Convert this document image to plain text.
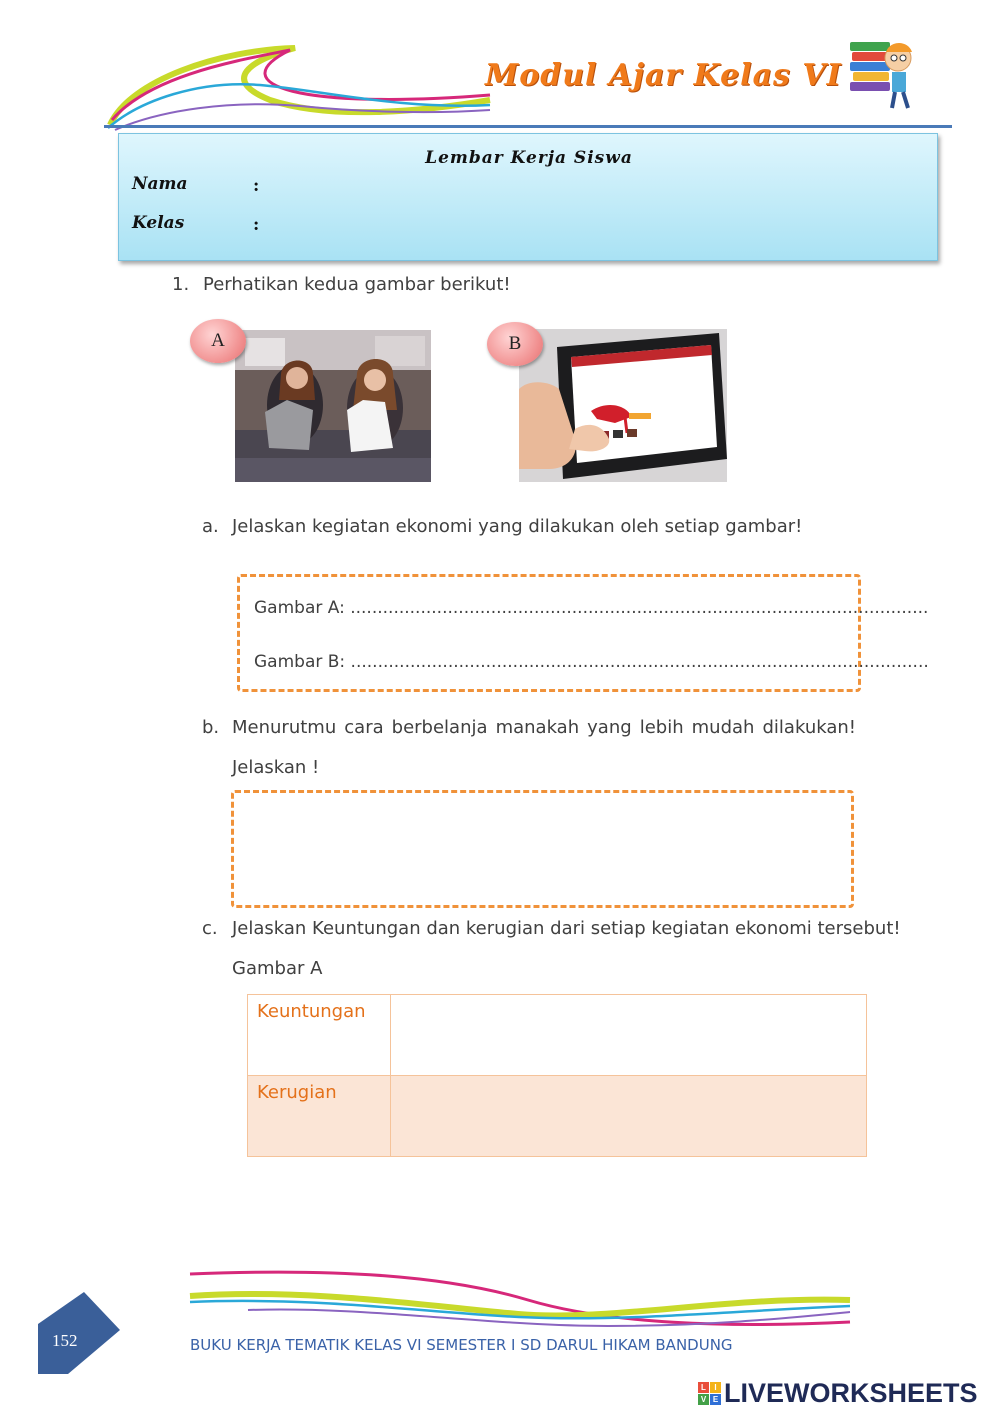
Modul Ajar Kelas VI
Lembar Kerja Siswa
Nama	:
Kelas	:
1. Perhatikan kedua gambar berikut!
A	B
a. Jelaskan kegiatan ekonomi yang dilakukan oleh setiap gambar!
Gambar A: ...........................................................................................................
Gambar B: ...........................................................................................................
b. Menurutmu cara berbelanja manakah yang lebih mudah dilakukan!
Jelaskan !
c. Jelaskan Keuntungan dan kerugian dari setiap kegiatan ekonomi tersebut!
Gambar A
Keuntungan	
Kerugian	
152	BUKU KERJA TEMATIK KELAS VI SEMESTER I SD DARUL HIKAM BANDUNG
L	I
V E LIVEWORKSHEETS
